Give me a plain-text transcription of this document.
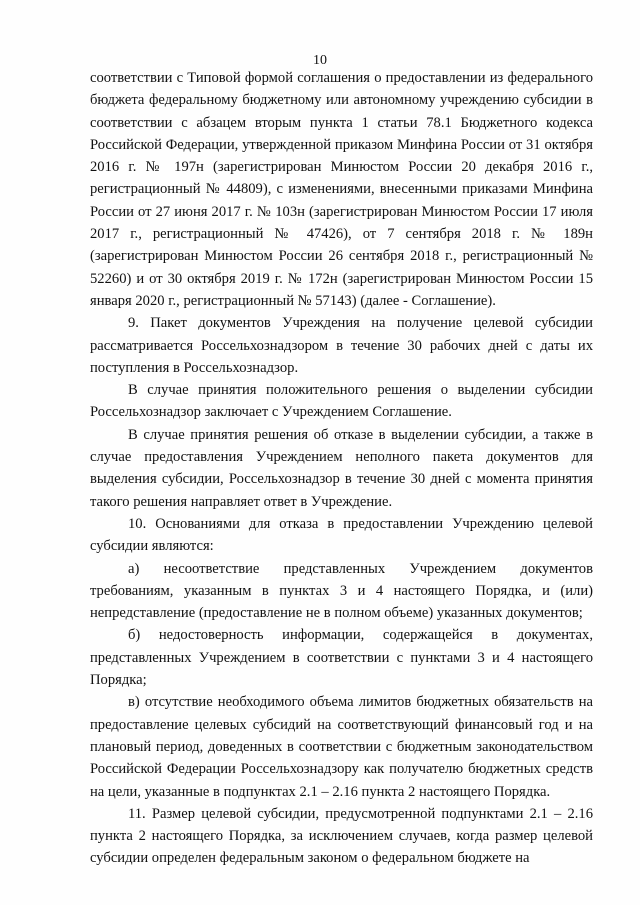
10

соответствии с Типовой формой соглашения о предоставлении из федерального бюджета федеральному бюджетному или автономному учреждению субсидии в соответствии с абзацем вторым пункта 1 статьи 78.1 Бюджетного кодекса Российской Федерации, утвержденной приказом Минфина России от 31 октября 2016 г. № 197н (зарегистрирован Минюстом России 20 декабря 2016 г., регистрационный № 44809), с изменениями, внесенными приказами Минфина России от 27 июня 2017 г. № 103н (зарегистрирован Минюстом России 17 июля 2017 г., регистрационный № 47426), от 7 сентября 2018 г. № 189н (зарегистрирован Минюстом России 26 сентября 2018 г., регистрационный № 52260) и от 30 октября 2019 г. № 172н (зарегистрирован Минюстом России 15 января 2020 г., регистрационный № 57143) (далее - Соглашение).

9. Пакет документов Учреждения на получение целевой субсидии рассматривается Россельхознадзором в течение 30 рабочих дней с даты их поступления в Россельхознадзор.

В случае принятия положительного решения о выделении субсидии Россельхознадзор заключает с Учреждением Соглашение.

В случае принятия решения об отказе в выделении субсидии, а также в случае предоставления Учреждением неполного пакета документов для выделения субсидии, Россельхознадзор в течение 30 дней с момента принятия такого решения направляет ответ в Учреждение.

10. Основаниями для отказа в предоставлении Учреждению целевой субсидии являются:

а) несоответствие представленных Учреждением документов требованиям, указанным в пунктах 3 и 4 настоящего Порядка, и (или) непредставление (предоставление не в полном объеме) указанных документов;

б) недостоверность информации, содержащейся в документах, представленных Учреждением в соответствии с пунктами 3 и 4 настоящего Порядка;

в) отсутствие необходимого объема лимитов бюджетных обязательств на предоставление целевых субсидий на соответствующий финансовый год и на плановый период, доведенных в соответствии с бюджетным законодательством Российской Федерации Россельхознадзору как получателю бюджетных средств на цели, указанные в подпунктах 2.1 – 2.16 пункта 2 настоящего Порядка.

11. Размер целевой субсидии, предусмотренной подпунктами 2.1 – 2.16 пункта 2 настоящего Порядка, за исключением случаев, когда размер целевой субсидии определен федеральным законом о федеральном бюджете на
